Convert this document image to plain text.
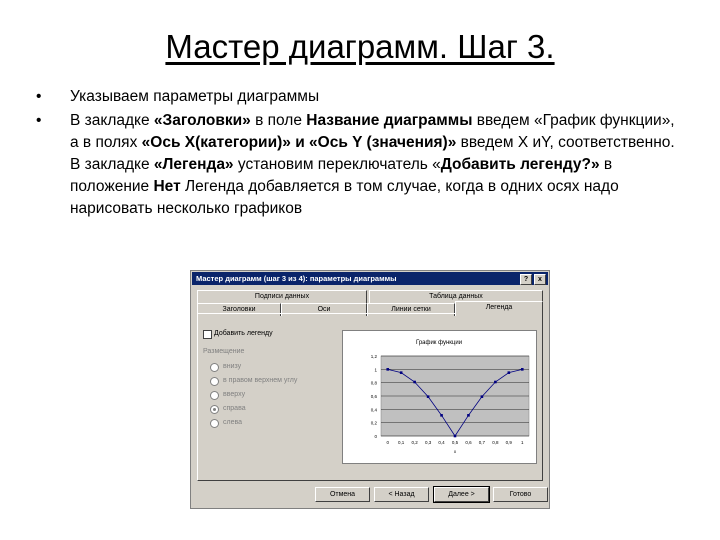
Мастер диаграмм. Шаг 3.
• Указываем параметры диаграммы
• В закладке «Заголовки» в поле Название диаграммы введем «График функции», а в полях «Ось X(категории)» и «Ось Y (значения)» введем X иY, соответственно. В закладке «Легенда» установим переключатель «Добавить легенду?» в положение Нет Легенда добавляется в том случае, когда в одних осях надо нарисовать несколько графиков
Мастер диаграмм (шаг 3 из 4): параметры диаграммы	?	x
Подписи данных	Таблица данных
Заголовки	Оси	Линии сетки	Легенда
Добавить легенду
Размещение
внизу
в правом верхнем углу
вверху
справа
слева
График функции
0
0,2
0,4
0,6
0,8
1
1,2
0 0,1 0,2 0,3 0,4 0,5 0,6 0,7 0,8 0,9 1
x
Отмена	< Назад	Далее >	Готово
